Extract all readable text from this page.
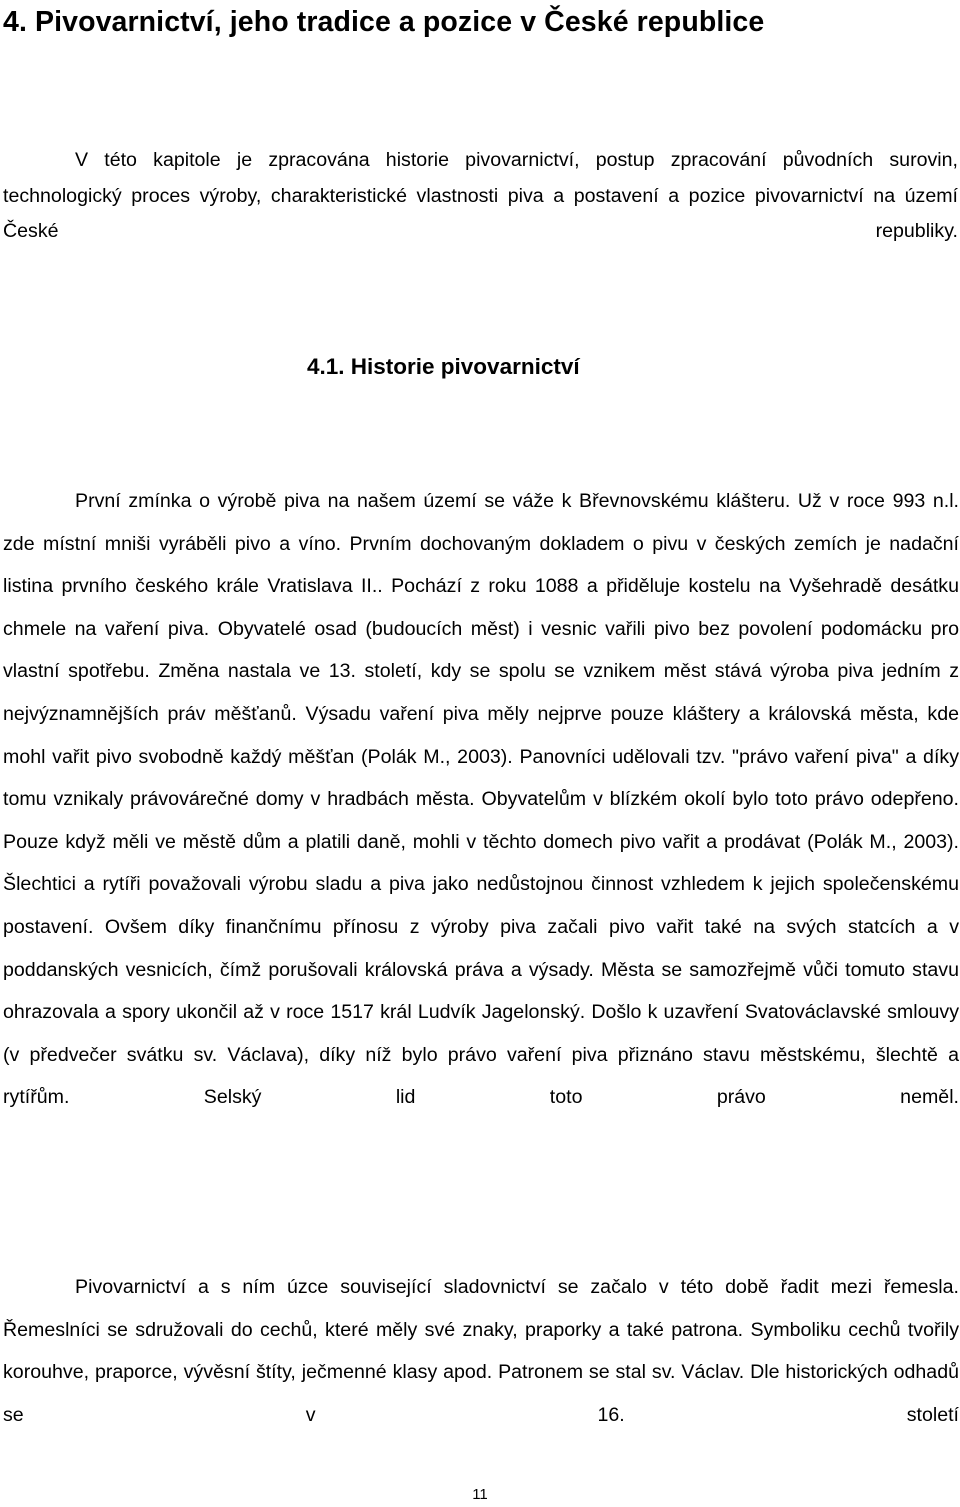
4. Pivovarnictví, jeho tradice a pozice v České republice

V této kapitole je zpracována historie pivovarnictví, postup zpracování původních surovin, technologický proces výroby, charakteristické vlastnosti piva a postavení a pozice pivovarnictví na území České republiky.

4.1. Historie pivovarnictví

První zmínka o výrobě piva na našem území se váže k Břevnovskému klášteru. Už v roce 993 n.l. zde místní mniši vyráběli pivo a víno. Prvním dochovaným dokladem o pivu v českých zemích je nadační listina prvního českého krále Vratislava II.. Pochází z roku 1088 a přiděluje kostelu na Vyšehradě desátku chmele na vaření piva. Obyvatelé osad (budoucích měst) i vesnic vařili pivo bez povolení podomácku pro vlastní spotřebu. Změna nastala ve 13. století, kdy se spolu se vznikem měst stává výroba piva jedním z nejvýznamnějších práv měšťanů. Výsadu vaření piva měly nejprve pouze kláštery a královská města, kde mohl vařit pivo svobodně každý měšťan (Polák M., 2003). Panovníci udělovali tzv. "právo vaření piva" a díky tomu vznikaly právovárečné domy v hradbách města. Obyvatelům v blízkém okolí bylo toto právo odepřeno. Pouze když měli ve městě dům a platili daně, mohli v těchto domech pivo vařit a prodávat (Polák M., 2003). Šlechtici a rytíři považovali výrobu sladu a piva jako nedůstojnou činnost vzhledem k jejich společenskému postavení. Ovšem díky finančnímu přínosu z výroby piva začali pivo vařit také na svých statcích a v poddanských vesnicích, čímž porušovali královská práva a výsady. Města se samozřejmě vůči tomuto stavu ohrazovala a spory ukončil až v roce 1517 král Ludvík Jagelonský. Došlo k uzavření Svatováclavské smlouvy (v předvečer svátku sv. Václava), díky níž bylo právo vaření piva přiznáno stavu městskému, šlechtě a rytířům. Selský lid toto právo neměl.

Pivovarnictví a s ním úzce související sladovnictví se začalo v této době řadit mezi řemesla. Řemeslníci se sdružovali do cechů, které měly své znaky, praporky a také patrona. Symboliku cechů tvořily korouhve, praporce, vývěsní štíty, ječmenné klasy apod. Patronem se stal sv. Václav. Dle historických odhadů se v 16. století

11
